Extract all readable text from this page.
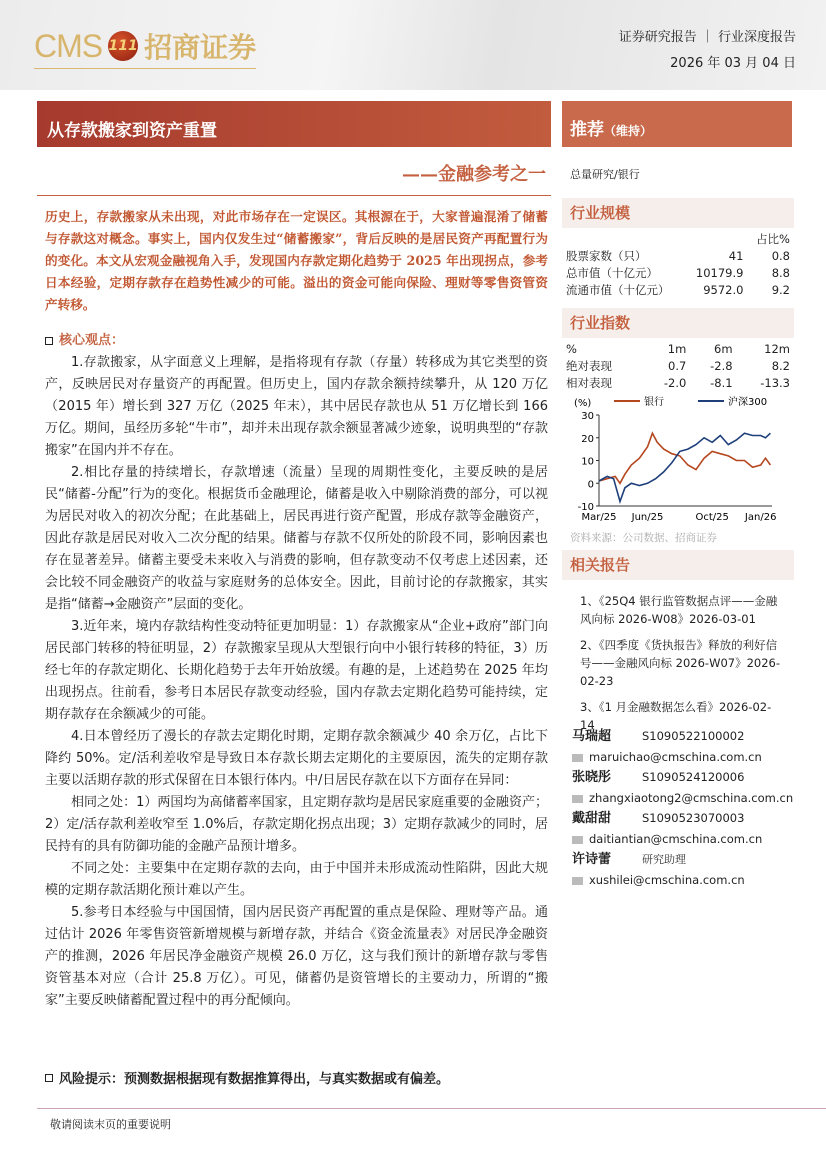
CMS 111 招商证券	证券研究报告 ｜ 行业深度报告
2026 年 03 月 04 日
从存款搬家到资产重置	推荐（维持）
——金融参考之一 总量研究/银行
历史上，存款搬家从未出现，对此市场存在一定误区。其根源在于，大家普遍混淆了储蓄与存款这对概念。事实上，国内仅发生过“储蓄搬家”，背后反映的是居民资产再配置行为的变化。本文从宏观金融视角入手，发现国内存款定期化趋势于 2025 年出现拐点，参考日本经验，定期存款存在趋势性减少的可能。溢出的资金可能向保险、理财等零售资管资产转移。
核心观点：

1.存款搬家，从字面意义上理解，是指将现有存款（存量）转移成为其它类型的资产，反映居民对存量资产的再配置。但历史上，国内存款余额持续攀升，从 120 万亿（2015 年）增长到 327 万亿（2025 年末），其中居民存款也从 51 万亿增长到 166 万亿。期间，虽经历多轮“牛市”，却并未出现存款余额显著减少迹象，说明典型的“存款搬家”在国内并不存在。

2.相比存量的持续增长，存款增速（流量）呈现的周期性变化，主要反映的是居民“储蓄-分配”行为的变化。根据货币金融理论，储蓄是收入中剔除消费的部分，可以视为居民对收入的初次分配；在此基础上，居民再进行资产配置，形成存款等金融资产，因此存款是居民对收入二次分配的结果。储蓄与存款不仅所处的阶段不同，影响因素也存在显著差异。储蓄主要受未来收入与消费的影响，但存款变动不仅考虑上述因素，还会比较不同金融资产的收益与家庭财务的总体安全。因此，目前讨论的存款搬家，其实是指“储蓄→金融资产”层面的变化。

3.近年来，境内存款结构性变动特征更加明显：1）存款搬家从“企业+政府”部门向居民部门转移的特征明显，2）存款搬家呈现从大型银行向中小银行转移的特征，3）历经七年的存款定期化、长期化趋势于去年开始放缓。有趣的是，上述趋势在 2025 年均出现拐点。往前看，参考日本居民存款变动经验，国内存款去定期化趋势可能持续，定期存款存在余额减少的可能。

4.日本曾经历了漫长的存款去定期化时期，定期存款余额减少 40 余万亿，占比下降约 50%。定/活利差收窄是导致日本存款长期去定期化的主要原因，流失的定期存款主要以活期存款的形式保留在日本银行体内。中/日居民存款在以下方面存在异同：

相同之处：1）两国均为高储蓄率国家，且定期存款均是居民家庭重要的金融资产；2）定/活存款利差收窄至 1.0%后，存款定期化拐点出现；3）定期存款减少的同时，居民持有的具有防御功能的金融产品预计增多。

不同之处：主要集中在定期存款的去向，由于中国并未形成流动性陷阱，因此大规模的定期存款活期化预计难以产生。

5.参考日本经验与中国国情，国内居民资产再配置的重点是保险、理财等产品。通过估计 2026 年零售资管新增规模与新增存款，并结合《资金流量表》对居民净金融资产的推测，2026 年居民净金融资产规模 26.0 万亿，这与我们预计的新增存款与零售资管基本对应（合计 25.8 万亿）。可见，储蓄仍是资管增长的主要动力，所谓的“搬家”主要反映储蓄配置过程中的再分配倾向。

风险提示：预测数据根据现有数据推算得出，与真实数据或有偏差。
敬请阅读末页的重要说明
行业规模
		占比%
股票家数（只）	41	0.8
总市值（十亿元）	10179.9	8.8
流通市值（十亿元）	9572.0	9.2
行业指数
%	1m	6m	12m
绝对表现	0.7	-2.8	8.2
相对表现	-2.0	-8.1	-13.3
(%)	银行	沪深300
30
20
10
0
-10
Mar/25 Jun/25	Oct/25 Jan/26
资料来源：公司数据、招商证券
相关报告
1、《25Q4 银行监管数据点评——金融风向标 2026-W08》2026-03-01
2、《四季度《货执报告》释放的利好信号——金融风向标 2026-W07》2026-02-23
3、《1 月金融数据怎么看》2026-02-14
马瑞超	S1090522100002
maruichao@cmschina.com.cn
张晓彤	S1090524120006
zhangxiaotong2@cmschina.com.cn
戴甜甜	S1090523070003
daitiantian@cmschina.com.cn
许诗蕾	研究助理
xushilei@cmschina.com.cn
